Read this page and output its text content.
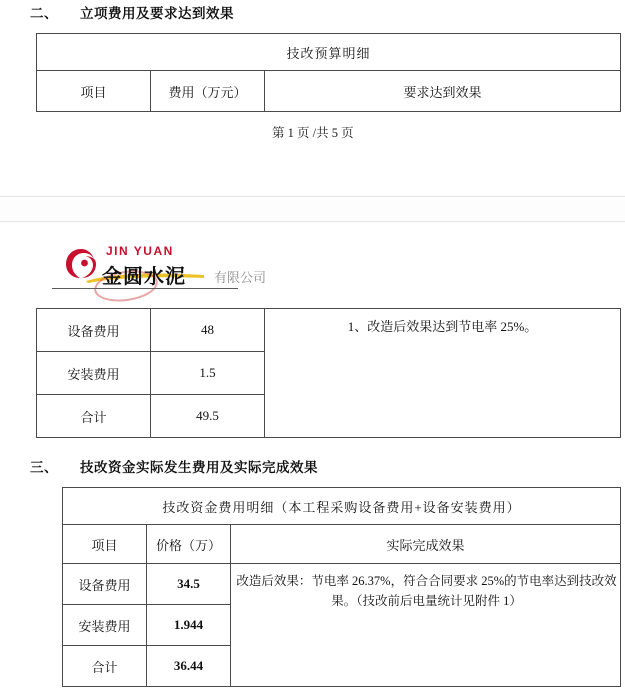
二、 立项费用及要求达到效果
技改预算明细
项目	费用（万元）	要求达到效果
第 1 页 /共 5 页
JIN YUAN
金圆水泥 有限公司
设备费用	48	1、改造后效果达到节电率 25%。
安装费用	1.5	
合计	49.5	
三、 技改资金实际发生费用及实际完成效果
技改资金费用明细（本工程采购设备费用+设备安装费用）		
项目	价格（万）	实际完成效果
设备费用	34.5	改造后效果：节电率 26.37%，符合合同要求 25%的节电率达到技改效果。（技改前后电量统计见附件 1）
安装费用	1.944	
合计	36.44	
